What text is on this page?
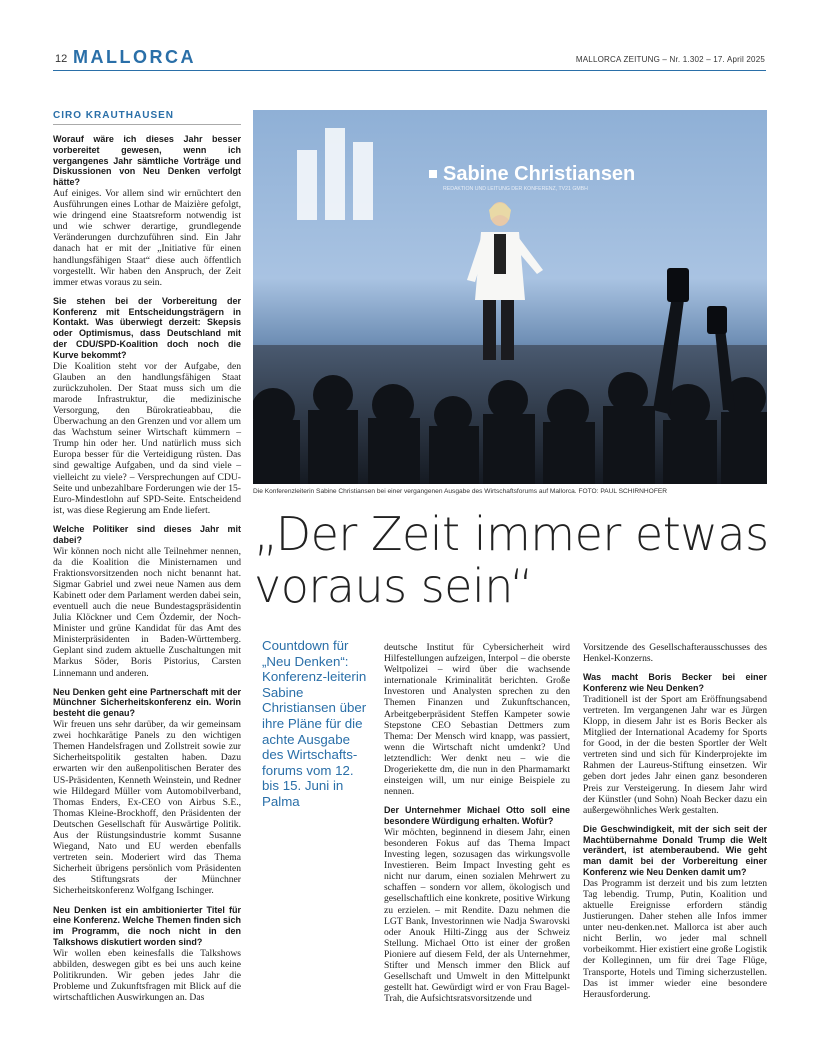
12 MALLORCA	MALLORCA ZEITUNG – Nr. 1.302 – 17. April 2025
CIRO KRAUTHAUSEN

Worauf wäre ich dieses Jahr besser vorbereitet gewesen, wenn ich vergangenes Jahr sämtliche Vorträge und Diskussionen von Neu Denken verfolgt hätte?

Auf einiges. Vor allem sind wir ernüchtert den Ausführungen eines Lothar de Maizière gefolgt, wie dringend eine Staatsreform notwendig ist und wie schwer derartige, grundlegende Veränderungen durchzuführen sind. Ein Jahr danach hat er mit der „Initiative für einen handlungsfähigen Staat“ diese auch öffentlich vorgestellt. Wir haben den Anspruch, der Zeit immer etwas voraus zu sein.

Sie stehen bei der Vorbereitung der Konferenz mit Entscheidungsträgern in Kontakt. Was überwiegt derzeit: Skepsis oder Optimismus, dass Deutschland mit der CDU/SPD-Koalition doch noch die Kurve bekommt?

Die Koalition steht vor der Aufgabe, den Glauben an den handlungsfähigen Staat zurückzuholen. Der Staat muss sich um die marode Infrastruktur, die medizinische Versorgung, den Bürokratieabbau, die Überwachung an den Grenzen und vor allem um das Wachstum seiner Wirtschaft kümmern – Trump hin oder her. Und natürlich muss sich Europa besser für die Verteidigung rüsten. Das sind gewaltige Aufgaben, und da sind viele – vielleicht zu viele? – Versprechungen auf CDU-Seite und unbezahlbare Forderungen wie der 15-Euro-Mindestlohn auf SPD-Seite. Entscheidend ist, was diese Regierung am Ende liefert.

Welche Politiker sind dieses Jahr mit dabei?

Wir können noch nicht alle Teilnehmer nennen, da die Koalition die Ministernamen und Fraktionsvorsitzenden noch nicht benannt hat. Sigmar Gabriel und zwei neue Namen aus dem Kabinett oder dem Parlament werden dabei sein, eventuell auch die neue Bundestagspräsidentin Julia Klöckner und Cem Özdemir, der Noch-Minister und grüne Kandidat für das Amt des Ministerpräsidenten in Baden-Württemberg. Geplant sind zudem aktuelle Zuschaltungen mit Markus Söder, Boris Pistorius, Carsten Linnemann und anderen.

Neu Denken geht eine Partnerschaft mit der Münchner Sicherheitskonferenz ein. Worin besteht die genau?

Wir freuen uns sehr darüber, da wir gemeinsam zwei hochkarätige Panels zu den wichtigen Themen Handelsfragen und Zollstreit sowie zur Sicherheitspolitik gestalten haben. Dazu erwarten wir den außenpolitischen Berater des US-Präsidenten, Kenneth Weinstein, und Redner wie Hildegard Müller vom Automobilverband, Thomas Enders, Ex-CEO von Airbus S.E., Thomas Kleine-Brockhoff, den Präsidenten der Deutschen Gesellschaft für Auswärtige Politik. Aus der Rüstungsindustrie kommt Susanne Wiegand, Nato und EU werden ebenfalls vertreten sein. Moderiert wird das Thema Sicherheit übrigens persönlich vom Präsidenten des Stiftungsrats der Münchner Sicherheitskonferenz Wolfgang Ischinger.

Neu Denken ist ein ambitionierter Titel für eine Konferenz. Welche Themen finden sich im Programm, die noch nicht in den Talkshows diskutiert worden sind?

Wir wollen eben keinesfalls die Talkshows abbilden, deswegen gibt es bei uns auch keine Politikrunden. Wir geben jedes Jahr die Probleme und Zukunftsfragen mit Blick auf die wirtschaftlichen Auswirkungen an. Das

Sabine Christiansen
REDAKTION UND LEITUNG DER KONFERENZ, TV21 GMBH
Die Konferenzleiterin Sabine Christiansen bei einer vergangenen Ausgabe des Wirtschaftsforums auf Mallorca. FOTO: PAUL SCHIRNHOFER
„Der Zeit immer etwas voraus sein“
Countdown für „Neu Denken“: Konferenz-leiterin Sabine Christiansen über ihre Pläne für die achte Ausgabe des Wirtschafts-forums vom 12. bis 15. Juni in Palma

deutsche Institut für Cybersicherheit wird Hilfestellungen aufzeigen, Interpol – die oberste Weltpolizei – wird über die wachsende internationale Kriminalität berichten. Große Investoren und Analysten sprechen zu den Themen Finanzen und Zukunftschancen, Arbeitgeberpräsident Steffen Kampeter sowie Stepstone CEO Sebastian Dettmers zum Thema: Der Mensch wird knapp, was passiert, wenn die Wirtschaft nicht umdenkt? Und letztendlich: Wer denkt neu – wie die Drogeriekette dm, die nun in den Pharmamarkt einsteigen will, um nur einige Beispiele zu nennen.

Der Unternehmer Michael Otto soll eine besondere Würdigung erhalten. Wofür?

Wir möchten, beginnend in diesem Jahr, einen besonderen Fokus auf das Thema Impact Investing legen, sozusagen das wirkungsvolle Investieren. Beim Impact Investing geht es nicht nur darum, einen sozialen Mehrwert zu schaffen – sondern vor allem, ökologisch und gesellschaftlich eine konkrete, positive Wirkung zu erzielen. – mit Rendite. Dazu nehmen die LGT Bank, Investorinnen wie Nadja Swarovski oder Anouk Hilti-Zingg aus der Schweiz Stellung. Michael Otto ist einer der großen Pioniere auf diesem Feld, der als Unternehmer, Stifter und Mensch immer den Blick auf Gesellschaft und Umwelt in den Mittelpunkt gestellt hat. Gewürdigt wird er von Frau Bagel-Trah, die Aufsichtsratsvorsitzende und

Vorsitzende des Gesellschafterausschusses des Henkel-Konzerns.

Was macht Boris Becker bei einer Konferenz wie Neu Denken?

Traditionell ist der Sport am Eröffnungsabend vertreten. Im vergangenen Jahr war es Jürgen Klopp, in diesem Jahr ist es Boris Becker als Mitglied der International Academy for Sports for Good, in der die besten Sportler der Welt vertreten sind und sich für Kinderprojekte im Rahmen der Laureus-Stiftung einsetzen. Wir geben dort jedes Jahr einen ganz besonderen Preis zur Versteigerung. In diesem Jahr wird der Künstler (und Sohn) Noah Becker dazu ein außergewöhnliches Werk gestalten.

Die Geschwindigkeit, mit der sich seit der Machtübernahme Donald Trump die Welt verändert, ist atemberaubend. Wie geht man damit bei der Vorbereitung einer Konferenz wie Neu Denken damit um?

Das Programm ist derzeit und bis zum letzten Tag lebendig. Trump, Putin, Koalition und aktuelle Ereignisse erfordern ständig Justierungen. Daher stehen alle Infos immer unter neu-denken.net. Mallorca ist aber auch nicht Berlin, wo jeder mal schnell vorbeikommt. Hier existiert eine große Logistik der Kolleginnen, um für drei Tage Flüge, Transporte, Hotels und Timing sicherzustellen. Das ist immer wieder eine besondere Herausforderung.
